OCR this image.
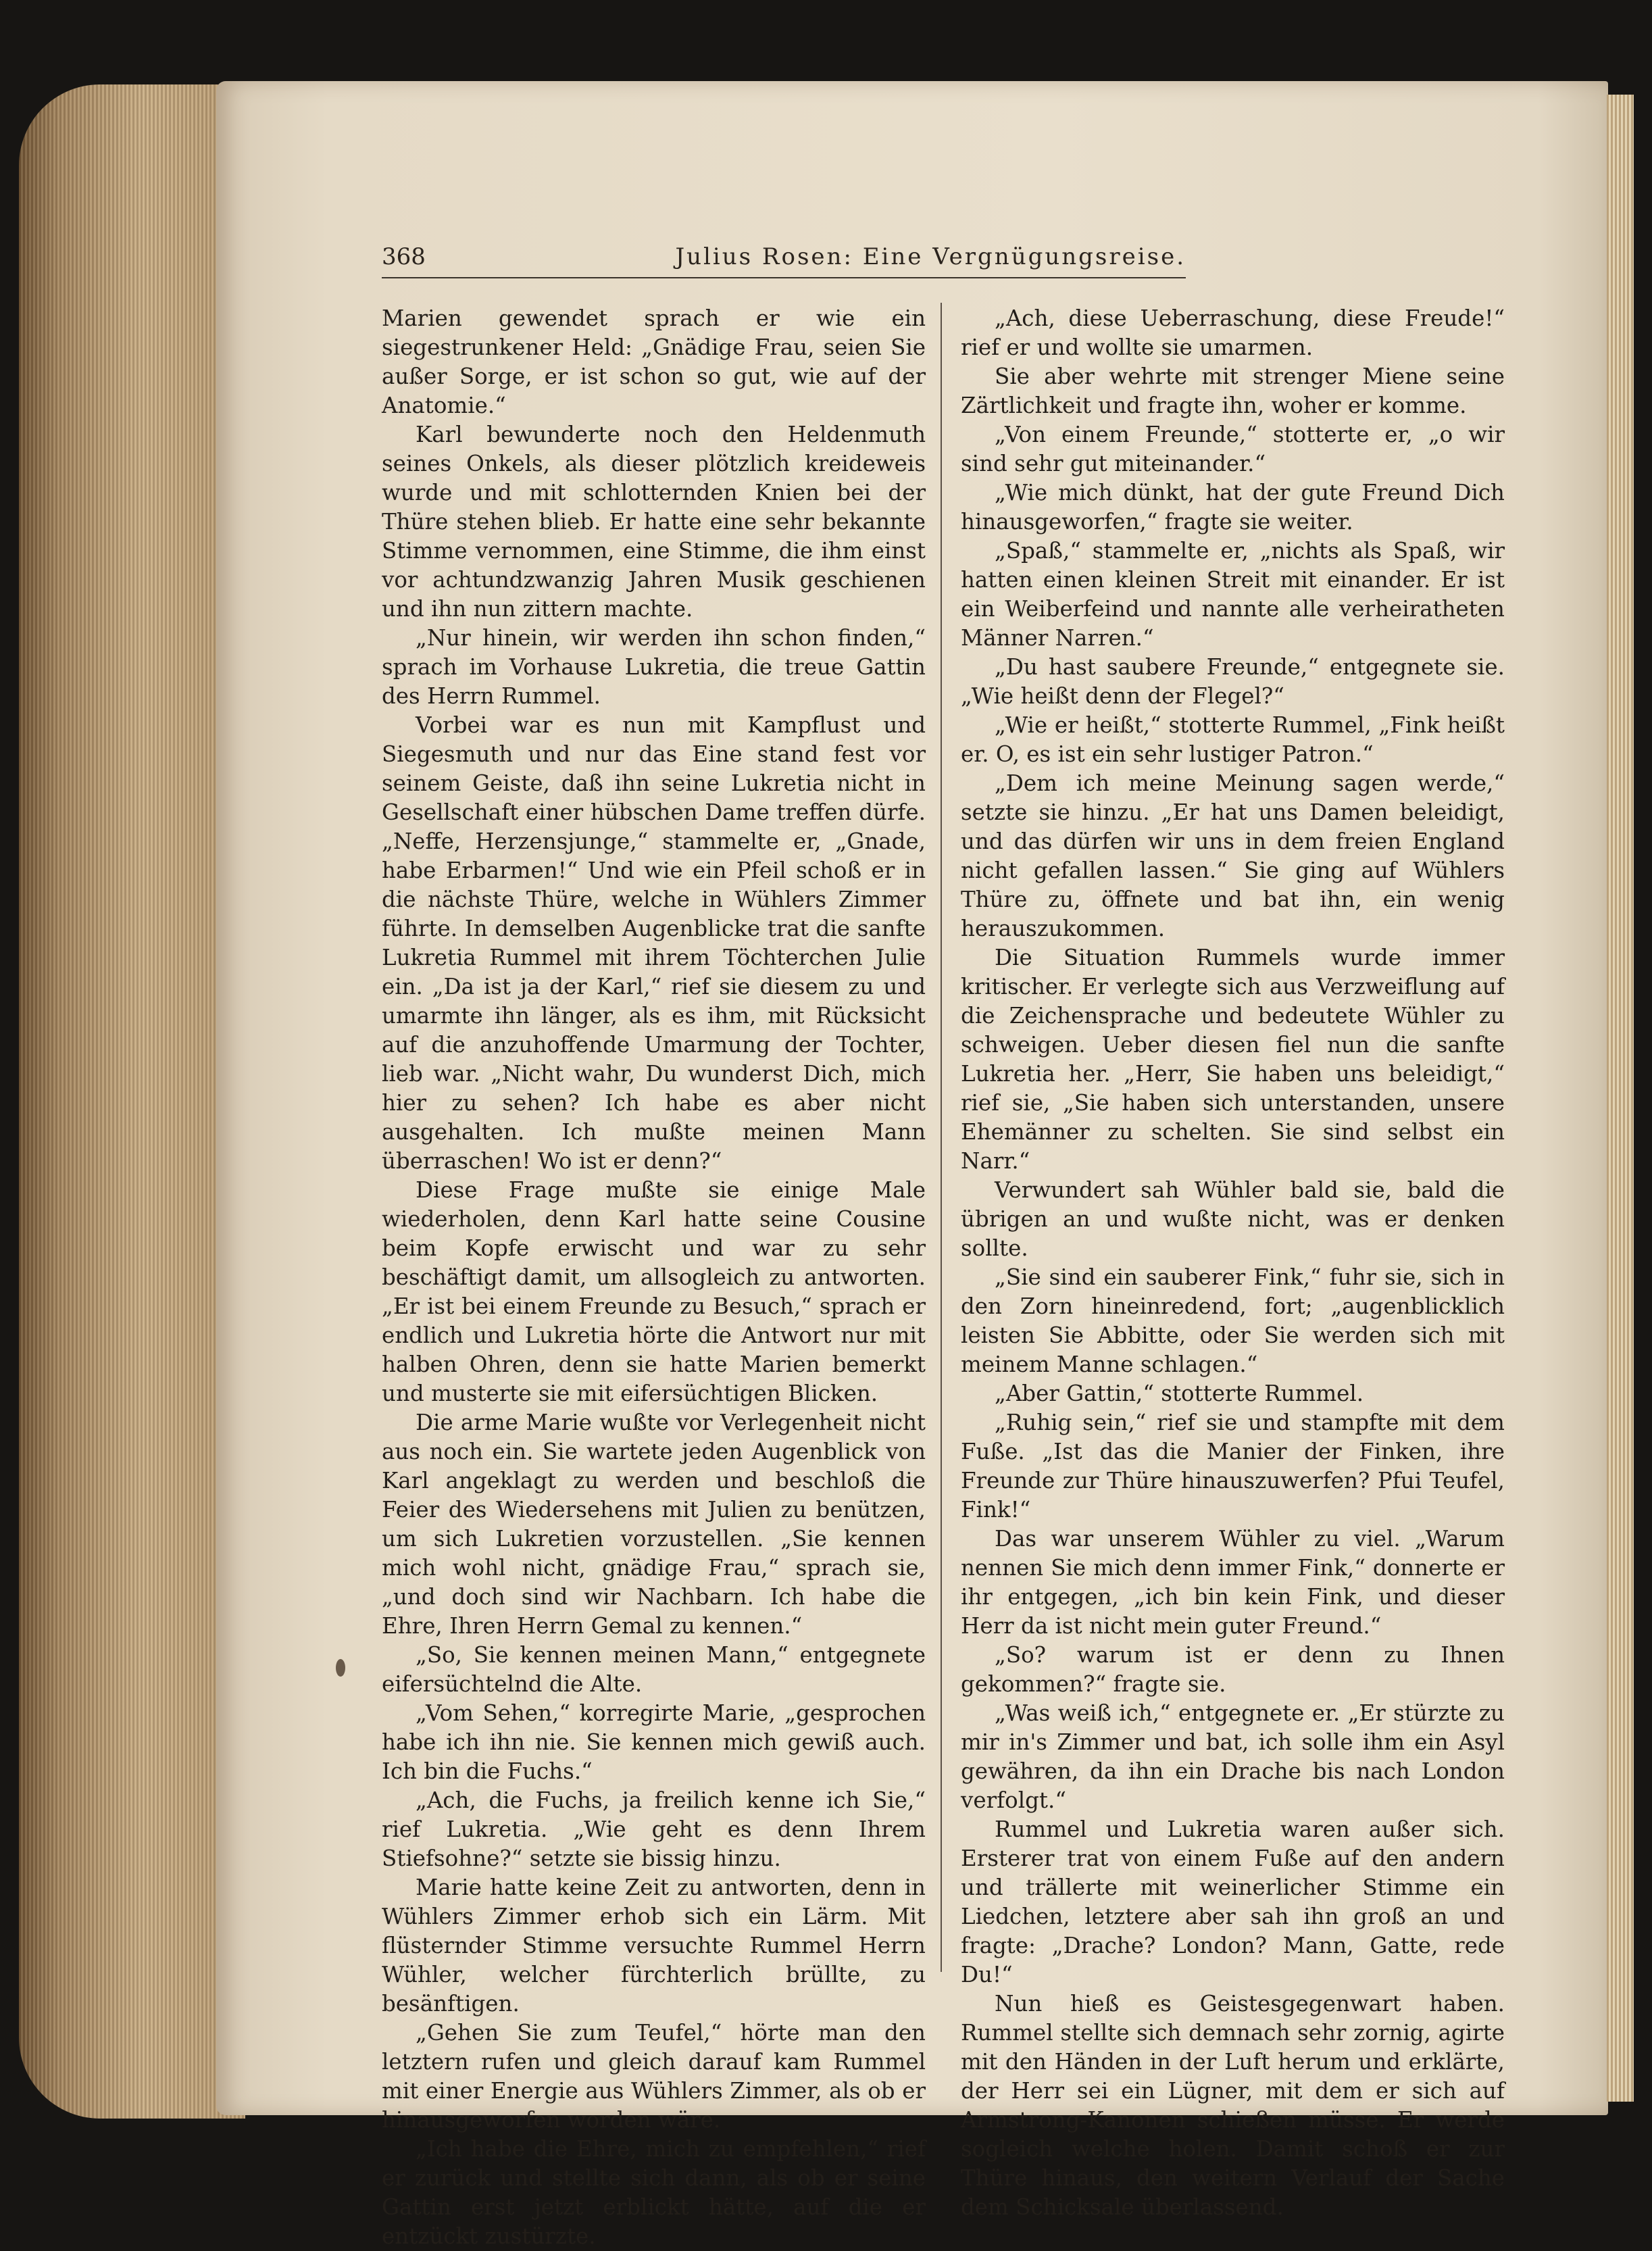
368	Julius Rosen: Eine Vergnügungsreise.

Marien gewendet sprach er wie ein siegestrunkener Held: „Gnädige Frau, seien Sie außer Sorge, er ist schon so gut, wie auf der Anatomie.“

Karl bewunderte noch den Heldenmuth seines Onkels, als dieser plötzlich kreideweis wurde und mit schlotternden Knien bei der Thüre stehen blieb. Er hatte eine sehr bekannte Stimme vernommen, eine Stimme, die ihm einst vor achtundzwanzig Jahren Musik geschienen und ihn nun zittern machte.

„Nur hinein, wir werden ihn schon finden,“ sprach im Vorhause Lukretia, die treue Gattin des Herrn Rummel.

Vorbei war es nun mit Kampflust und Siegesmuth und nur das Eine stand fest vor seinem Geiste, daß ihn seine Lukretia nicht in Gesellschaft einer hübschen Dame treffen dürfe. „Neffe, Herzensjunge,“ stammelte er, „Gnade, habe Erbarmen!“ Und wie ein Pfeil schoß er in die nächste Thüre, welche in Wühlers Zimmer führte. In demselben Augenblicke trat die sanfte Lukretia Rummel mit ihrem Töchterchen Julie ein. „Da ist ja der Karl,“ rief sie diesem zu und umarmte ihn länger, als es ihm, mit Rücksicht auf die anzuhoffende Umarmung der Tochter, lieb war. „Nicht wahr, Du wunderst Dich, mich hier zu sehen? Ich habe es aber nicht ausgehalten. Ich mußte meinen Mann überraschen! Wo ist er denn?“

Diese Frage mußte sie einige Male wiederholen, denn Karl hatte seine Cousine beim Kopfe erwischt und war zu sehr beschäftigt damit, um allsogleich zu antworten. „Er ist bei einem Freunde zu Besuch,“ sprach er endlich und Lukretia hörte die Antwort nur mit halben Ohren, denn sie hatte Marien bemerkt und musterte sie mit eifersüchtigen Blicken.

Die arme Marie wußte vor Verlegenheit nicht aus noch ein. Sie wartete jeden Augenblick von Karl angeklagt zu werden und beschloß die Feier des Wiedersehens mit Julien zu benützen, um sich Lukretien vorzustellen. „Sie kennen mich wohl nicht, gnädige Frau,“ sprach sie, „und doch sind wir Nachbarn. Ich habe die Ehre, Ihren Herrn Gemal zu kennen.“

„So, Sie kennen meinen Mann,“ entgegnete eifersüchtelnd die Alte.

„Vom Sehen,“ korregirte Marie, „gesprochen habe ich ihn nie. Sie kennen mich gewiß auch. Ich bin die Fuchs.“

„Ach, die Fuchs, ja freilich kenne ich Sie,“ rief Lukretia. „Wie geht es denn Ihrem Stiefsohne?“ setzte sie bissig hinzu.

Marie hatte keine Zeit zu antworten, denn in Wühlers Zimmer erhob sich ein Lärm. Mit flüsternder Stimme versuchte Rummel Herrn Wühler, welcher fürchterlich brüllte, zu besänftigen.

„Gehen Sie zum Teufel,“ hörte man den letztern rufen und gleich darauf kam Rummel mit einer Energie aus Wühlers Zimmer, als ob er hinausgeworfen worden wäre.

„Ich habe die Ehre, mich zu empfehlen,“ rief er zurück und stellte sich dann, als ob er seine Gattin erst jetzt erblickt hätte, auf die er entzückt zustürzte.

„Ach, diese Ueberraschung, diese Freude!“ rief er und wollte sie umarmen.

Sie aber wehrte mit strenger Miene seine Zärtlichkeit und fragte ihn, woher er komme.

„Von einem Freunde,“ stotterte er, „o wir sind sehr gut miteinander.“

„Wie mich dünkt, hat der gute Freund Dich hinausgeworfen,“ fragte sie weiter.

„Spaß,“ stammelte er, „nichts als Spaß, wir hatten einen kleinen Streit mit einander. Er ist ein Weiberfeind und nannte alle verheiratheten Männer Narren.“

„Du hast saubere Freunde,“ entgegnete sie. „Wie heißt denn der Flegel?“

„Wie er heißt,“ stotterte Rummel, „Fink heißt er. O, es ist ein sehr lustiger Patron.“

„Dem ich meine Meinung sagen werde,“ setzte sie hinzu. „Er hat uns Damen beleidigt, und das dürfen wir uns in dem freien England nicht gefallen lassen.“ Sie ging auf Wühlers Thüre zu, öffnete und bat ihn, ein wenig herauszukommen.

Die Situation Rummels wurde immer kritischer. Er verlegte sich aus Verzweiflung auf die Zeichensprache und bedeutete Wühler zu schweigen. Ueber diesen fiel nun die sanfte Lukretia her. „Herr, Sie haben uns beleidigt,“ rief sie, „Sie haben sich unterstanden, unsere Ehemänner zu schelten. Sie sind selbst ein Narr.“

Verwundert sah Wühler bald sie, bald die übrigen an und wußte nicht, was er denken sollte.

„Sie sind ein sauberer Fink,“ fuhr sie, sich in den Zorn hineinredend, fort; „augenblicklich leisten Sie Abbitte, oder Sie werden sich mit meinem Manne schlagen.“

„Aber Gattin,“ stotterte Rummel.

„Ruhig sein,“ rief sie und stampfte mit dem Fuße. „Ist das die Manier der Finken, ihre Freunde zur Thüre hinauszuwerfen? Pfui Teufel, Fink!“

Das war unserem Wühler zu viel. „Warum nennen Sie mich denn immer Fink,“ donnerte er ihr entgegen, „ich bin kein Fink, und dieser Herr da ist nicht mein guter Freund.“

„So? warum ist er denn zu Ihnen gekommen?“ fragte sie.

„Was weiß ich,“ entgegnete er. „Er stürzte zu mir in's Zimmer und bat, ich solle ihm ein Asyl gewähren, da ihn ein Drache bis nach London verfolgt.“

Rummel und Lukretia waren außer sich. Ersterer trat von einem Fuße auf den andern und trällerte mit weinerlicher Stimme ein Liedchen, letztere aber sah ihn groß an und fragte: „Drache? London? Mann, Gatte, rede Du!“

Nun hieß es Geistesgegenwart haben. Rummel stellte sich demnach sehr zornig, agirte mit den Händen in der Luft herum und erklärte, der Herr sei ein Lügner, mit dem er sich auf Armstrong-Kanonen schießen müsse. Er werde sogleich welche holen. Damit schoß er zur Thüre hinaus, den weitern Verlauf der Sache dem Schicksale überlassend.
